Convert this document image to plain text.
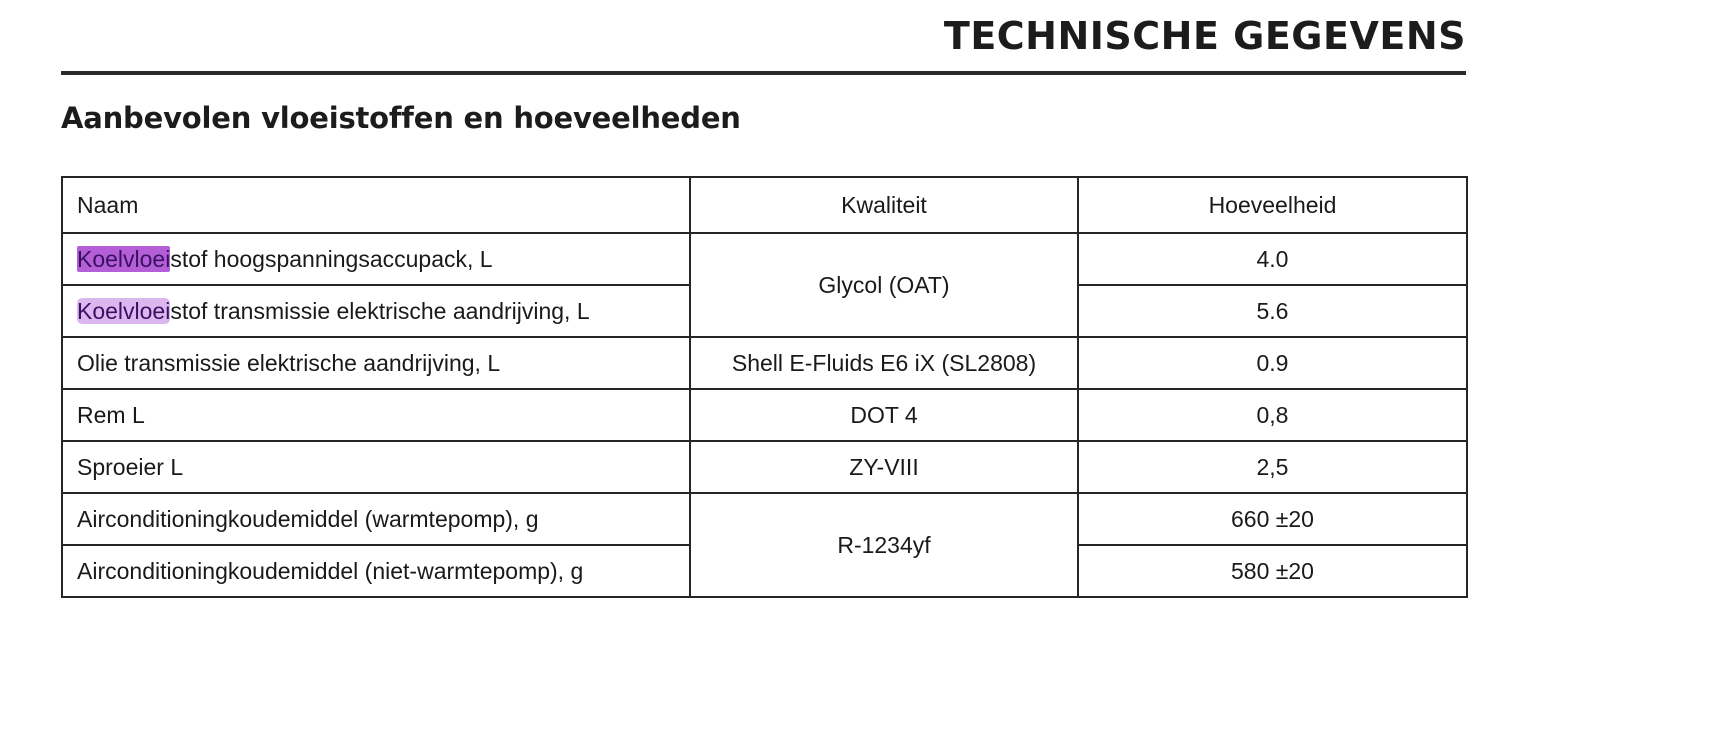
TECHNISCHE GEGEVENS
Aanbevolen vloeistoffen en hoeveelheden
Naam	Kwaliteit	Hoeveelheid
Koelvloeistof hoogspanningsaccupack, L	Glycol (OAT)	4.0
Koelvloeistof transmissie elektrische aandrijving, L		5.6
Olie transmissie elektrische aandrijving, L	Shell E-Fluids E6 iX (SL2808)	0.9
Rem L	DOT 4	0,8
Sproeier L	ZY-VIII	2,5
Airconditioningkoudemiddel (warmtepomp), g	R-1234yf	660 ±20
Airconditioningkoudemiddel (niet-warmtepomp), g		580 ±20
